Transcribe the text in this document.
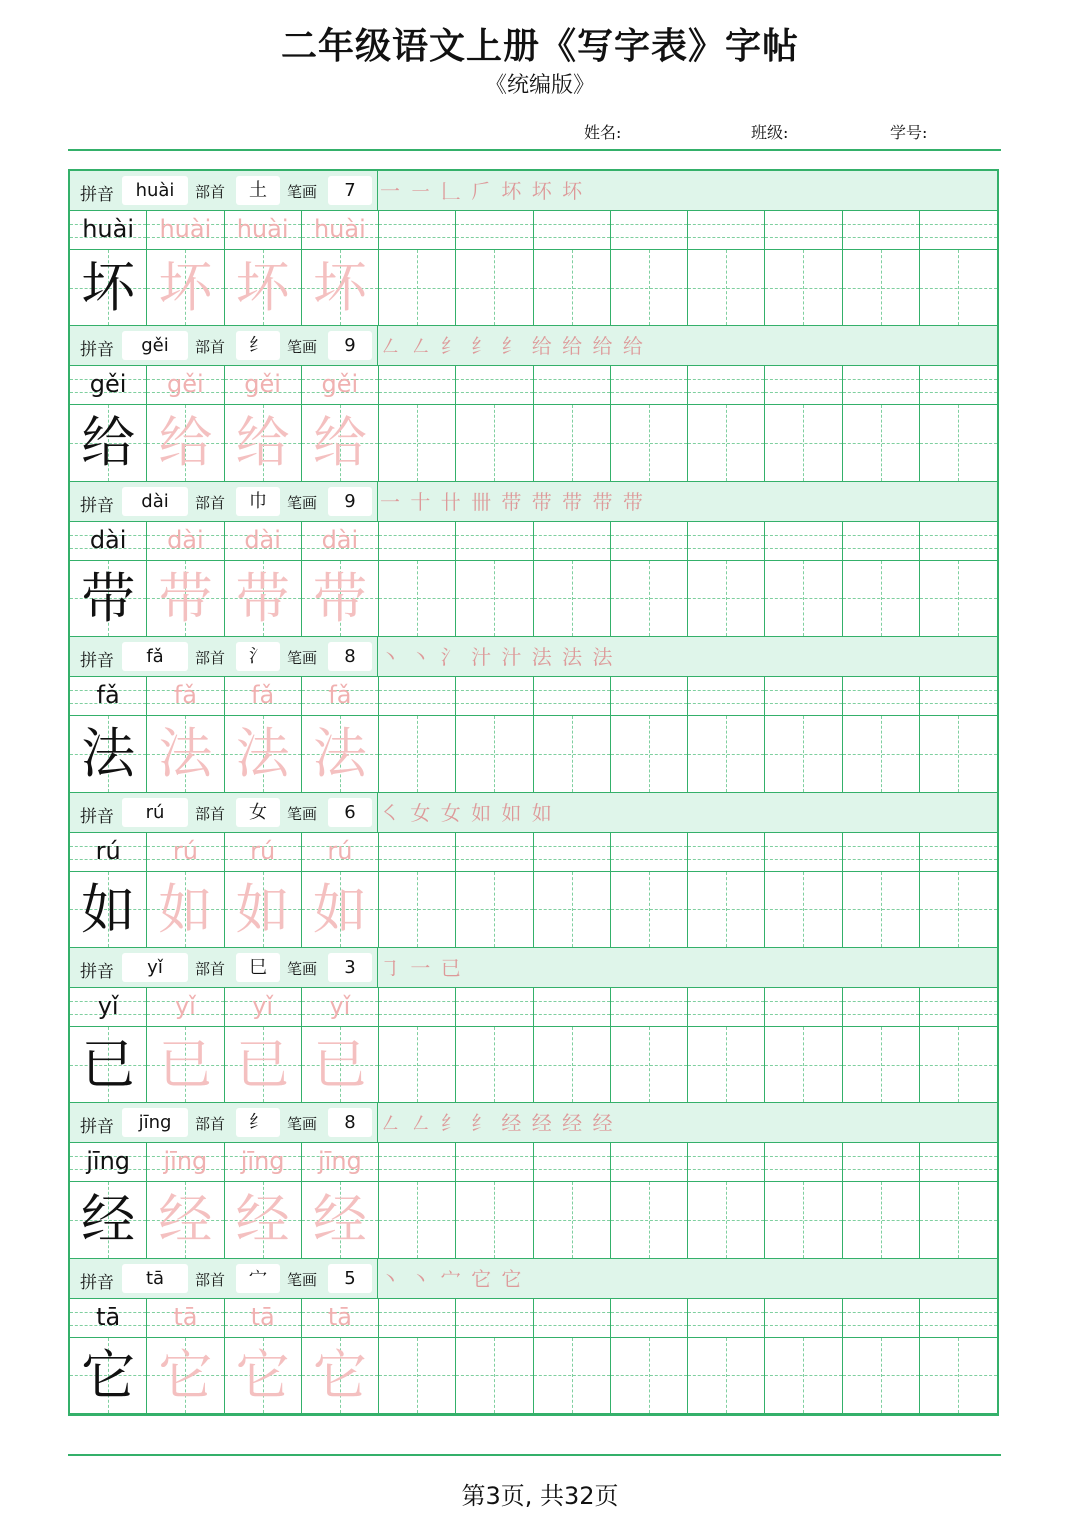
二年级语文上册《写字表》字帖
《统编版》
姓名:	班级:	学号:
拼音	huài	部首	土	笔画	7	一 ㇐ 𠃊 𠂆 坏 坏 坏
huài	huài	huài	huài
坏 坏 坏 坏
拼音	gěi	部首	纟	笔画	9	㇜ ㇜ 纟 纟 纟 给 给 给 给
gěi	gěi	gěi	gěi
给 给 给 给
拼音	dài	部首	巾	笔画	9	一 十 卄 卌 带 带 带 带 带
dài	dài	dài	dài
带 带 带 带
拼音	fǎ	部首	氵	笔画	8	丶 丶 氵 汁 汁 法 法 法
fǎ	fǎ	fǎ	fǎ
法 法 法 法
拼音	rú	部首	女	笔画	6	㇛ 女 女 如 如 如
rú	rú	rú	rú
如 如 如 如
拼音	yǐ	部首	巳	笔画	3	㇆ 一 已
yǐ	yǐ	yǐ	yǐ
已 已 已 已
拼音	jīng	部首	纟	笔画	8	㇜ ㇜ 纟 纟 经 经 经 经
jīng	jīng	jīng	jīng
经 经 经 经
拼音	tā	部首	宀	笔画	5	丶 丶 宀 它 它
tā	tā	tā	tā
它 它 它 它
第3页, 共32页
